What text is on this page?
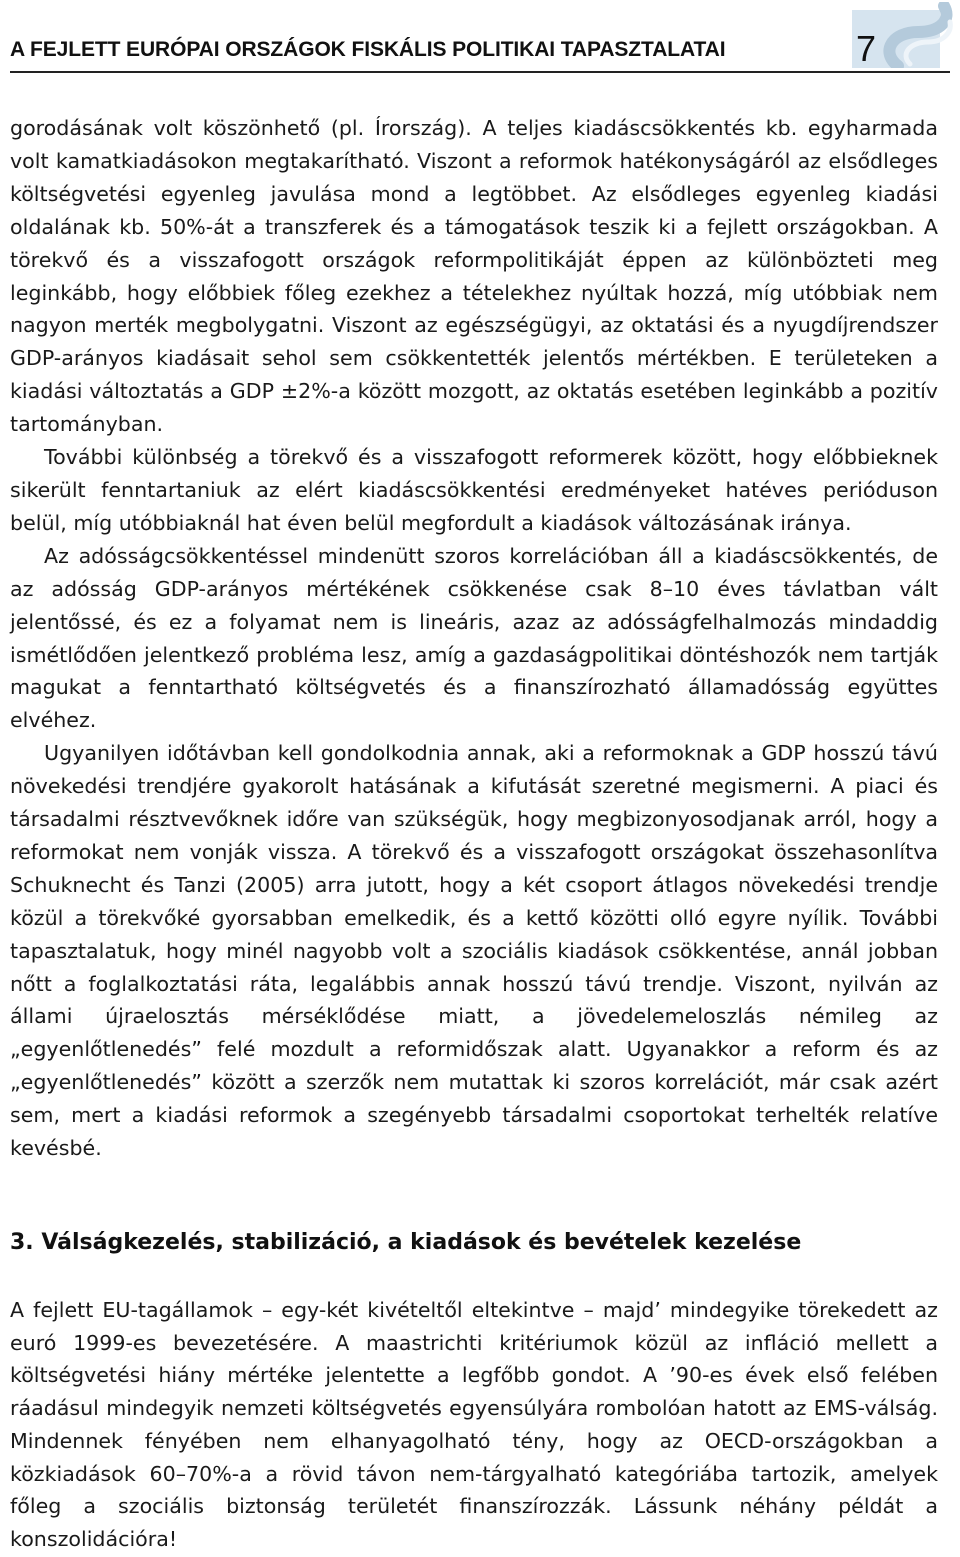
A FEJLETT EURÓPAI ORSZÁGOK FISKÁLIS POLITIKAI TAPASZTALATAI	7

gorodásának volt köszönhető (pl. Írország). A teljes kiadáscsökkentés kb. egyharmada volt kamatkiadásokon megtakarítható. Viszont a reformok hatékonyságáról az elsődleges költségvetési egyenleg javulása mond a legtöbbet. Az elsődleges egyenleg kiadási oldalának kb. 50%-át a transzferek és a támogatások teszik ki a fejlett országokban. A törekvő és a visszafogott országok reformpolitikáját éppen az különbözteti meg leginkább, hogy előbbiek főleg ezekhez a tételekhez nyúltak hozzá, míg utóbbiak nem nagyon merték megbolygatni. Viszont az egészségügyi, az oktatási és a nyugdíjrendszer GDP-arányos kiadásait sehol sem csökkentették jelentős mértékben. E területeken a kiadási változtatás a GDP ±2%-a között mozgott, az oktatás esetében leginkább a pozitív tartományban.

További különbség a törekvő és a visszafogott reformerek között, hogy előbbieknek sikerült fenntartaniuk az elért kiadáscsökkentési eredményeket hatéves perióduson belül, míg utóbbiaknál hat éven belül megfordult a kiadások változásának iránya.

Az adósságcsökkentéssel mindenütt szoros korrelációban áll a kiadáscsökkentés, de az adósság GDP-arányos mértékének csökkenése csak 8–10 éves távlatban vált jelentőssé, és ez a folyamat nem is lineáris, azaz az adósságfelhalmozás mindaddig ismétlődően jelentkező probléma lesz, amíg a gazdaságpolitikai döntéshozók nem tartják magukat a fenntartható költségvetés és a finanszírozható államadósság együttes elvéhez.

Ugyanilyen időtávban kell gondolkodnia annak, aki a reformoknak a GDP hosszú távú növekedési trendjére gyakorolt hatásának a kifutását szeretné megismerni. A piaci és társadalmi résztvevőknek időre van szükségük, hogy megbizonyosodjanak arról, hogy a reformokat nem vonják vissza. A törekvő és a visszafogott országokat összehasonlítva Schuknecht és Tanzi (2005) arra jutott, hogy a két csoport átlagos növekedési trendje közül a törekvőké gyorsabban emelkedik, és a kettő közötti olló egyre nyílik. További tapasztalatuk, hogy minél nagyobb volt a szociális kiadások csökkentése, annál jobban nőtt a foglalkoztatási ráta, legalábbis annak hosszú távú trendje. Viszont, nyilván az állami újraelosztás mérséklődése miatt, a jövedelemeloszlás némileg az „egyenlőtlenedés” felé mozdult a reformidőszak alatt. Ugyanakkor a reform és az „egyenlőtlenedés” között a szerzők nem mutattak ki szoros korrelációt, már csak azért sem, mert a kiadási reformok a szegényebb társadalmi csoportokat terhelték relatíve kevésbé.

3. Válságkezelés, stabilizáció, a kiadások és bevételek kezelése

A fejlett EU-tagállamok – egy-két kivételtől eltekintve – majd’ mindegyike törekedett az euró 1999-es bevezetésére. A maastrichti kritériumok közül az infláció mellett a költségvetési hiány mértéke jelentette a legfőbb gondot. A ’90-es évek első felében ráadásul mindegyik nemzeti költségvetés egyensúlyára rombolóan hatott az EMS-válság. Mindennek fényében nem elhanyagolható tény, hogy az OECD-országokban a közkiadások 60–70%-a a rövid távon nem-tárgyalható kategóriába tartozik, amelyek főleg a szociális biztonság területét finanszírozzák. Lássunk néhány példát a konszolidációra!
